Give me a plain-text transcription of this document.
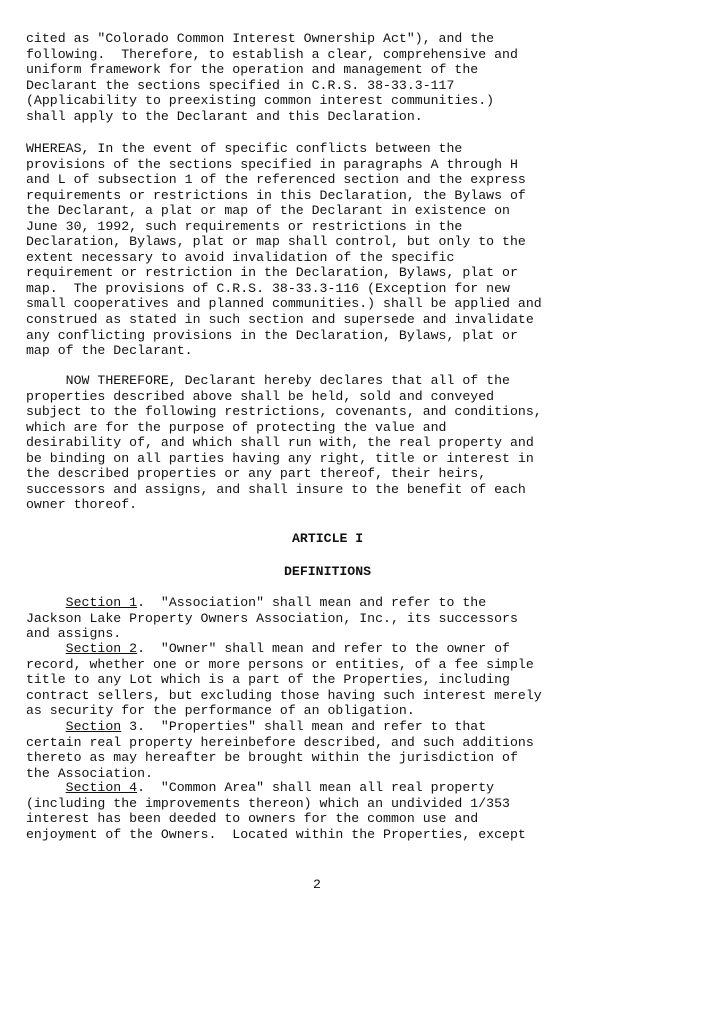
cited as "Colorado Common Interest Ownership Act"), and the
following.  Therefore, to establish a clear, comprehensive and
uniform framework for the operation and management of the
Declarant the sections specified in C.R.S. 38-33.3-117
(Applicability to preexisting common interest communities.)
shall apply to the Declarant and this Declaration.
WHEREAS, In the event of specific conflicts between the
provisions of the sections specified in paragraphs A through H
and L of subsection 1 of the referenced section and the express
requirements or restrictions in this Declaration, the Bylaws of
the Declarant, a plat or map of the Declarant in existence on
June 30, 1992, such requirements or restrictions in the
Declaration, Bylaws, plat or map shall control, but only to the
extent necessary to avoid invalidation of the specific
requirement or restriction in the Declaration, Bylaws, plat or
map.  The provisions of C.R.S. 38-33.3-116 (Exception for new
small cooperatives and planned communities.) shall be applied and
construed as stated in such section and supersede and invalidate
any conflicting provisions in the Declaration, Bylaws, plat or
map of the Declarant.
NOW THEREFORE, Declarant hereby declares that all of the
properties described above shall be held, sold and conveyed
subject to the following restrictions, covenants, and conditions,
which are for the purpose of protecting the value and
desirability of, and which shall run with, the real property and
be binding on all parties having any right, title or interest in
the described properties or any part thereof, their heirs,
successors and assigns, and shall insure to the benefit of each
owner thoreof.
ARTICLE I
DEFINITIONS
Section 1.  "Association" shall mean and refer to the
Jackson Lake Property Owners Association, Inc., its successors
and assigns.
Section 2.  "Owner" shall mean and refer to the owner of
record, whether one or more persons or entities, of a fee simple
title to any Lot which is a part of the Properties, including
contract sellers, but excluding those having such interest merely
as security for the performance of an obligation.
Section 3.  "Properties" shall mean and refer to that
certain real property hereinbefore described, and such additions
thereto as may hereafter be brought within the jurisdiction of
the Association.
Section 4.  "Common Area" shall mean all real property
(including the improvements thereon) which an undivided 1/353
interest has been deeded to owners for the common use and
enjoyment of the Owners.  Located within the Properties, except
2
